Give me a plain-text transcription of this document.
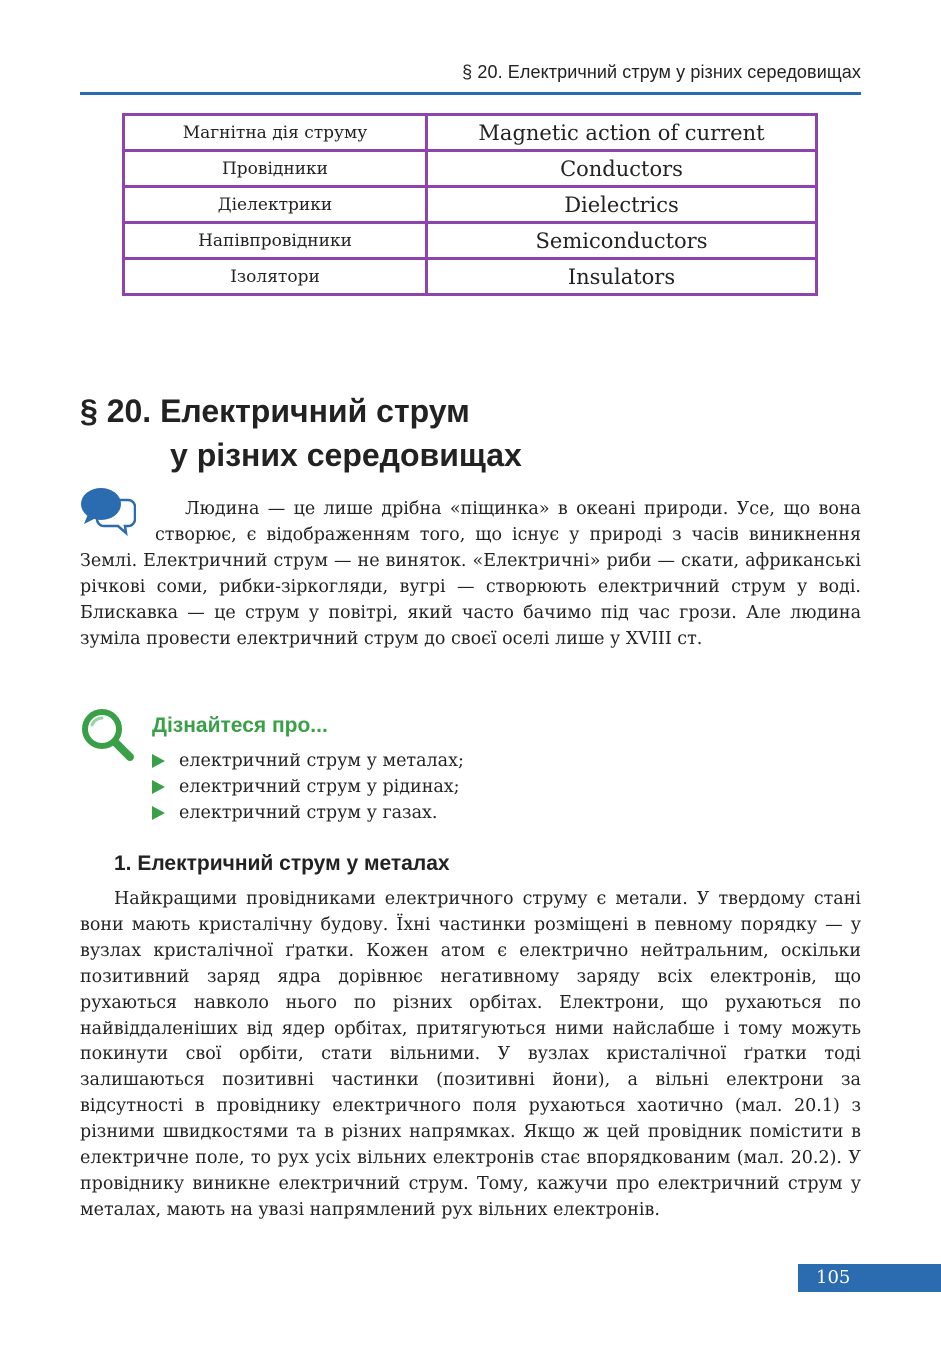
§ 20. Електричний струм у різних середовищах
Магнітна дія струму	Magnetic action of current
Провідники	Conductors
Діелектрики	Dielectrics
Напівпровідники	Semiconductors
Ізолятори	Insulators
§ 20. Електричний струм
у різних середовищах

Людина — це лише дрібна «піщинка» в океані природи. Усе, що вона створює, є відображенням того, що існує у природі з часів виникнення Землі. Електричний струм — не виняток. «Електричні» риби — скати, африканські річкові соми, рибки-зіркогляди, вугрі — створюють електричний струм у воді. Блискавка — це струм у повітрі, який часто бачимо під час грози. Але людина зуміла провести електричний струм до своєї оселі лише у XVIII ст.

Дізнайтеся про...
електричний струм у металах;
електричний струм у рідинах;
електричний струм у газах.
1. Електричний струм у металах

Найкращими провідниками електричного струму є метали. У твердому стані вони мають кристалічну будову. Їхні частинки розміщені в певному порядку — у вузлах кристалічної ґратки. Кожен атом є електрично нейтральним, оскільки позитивний заряд ядра дорівнює негативному заряду всіх електронів, що рухаються навколо нього по різних орбітах. Електрони, що рухаються по найвіддаленіших від ядер орбітах, притягуються ними найслабше і тому можуть покинути свої орбіти, стати вільними. У вузлах кристалічної ґратки тоді залишаються позитивні частинки (позитивні йони), а вільні електрони за відсутності в провіднику електричного поля рухаються хаотично (мал. 20.1) з різними швидкостями та в різних напрямках. Якщо ж цей провідник помістити в електричне поле, то рух усіх вільних електронів стає впорядкованим (мал. 20.2). У провіднику виникне електричний струм. Тому, кажучи про електричний струм у металах, мають на увазі напрямлений рух вільних електронів.

105
